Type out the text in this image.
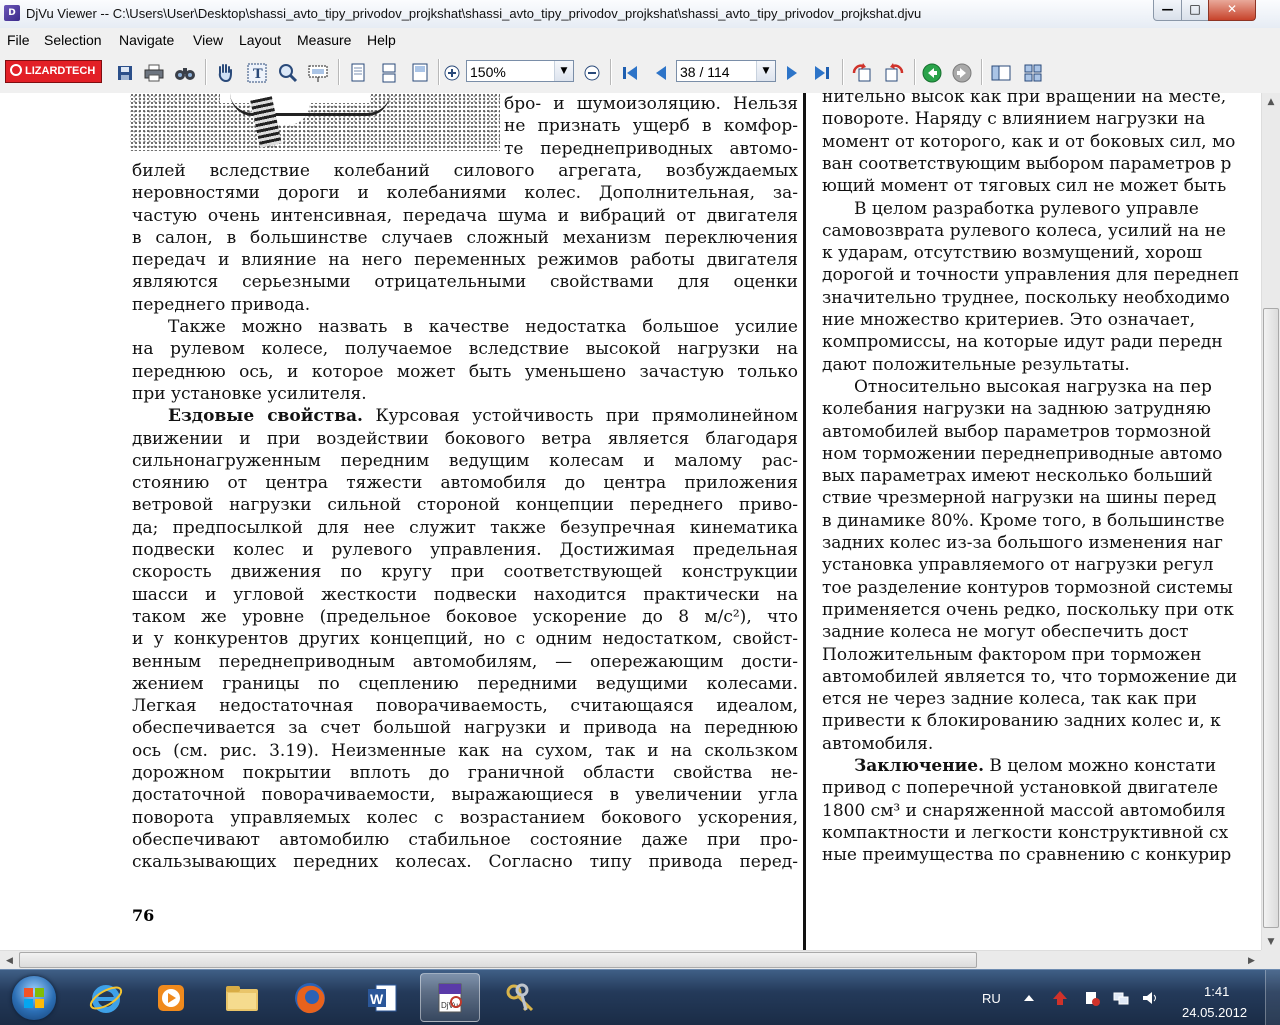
D DjVu Viewer -- C:\Users\User\Desktop\shassi_avto_tipy_privodov_projkshat\shassi_avto_tipy_privodov_projkshat\shassi_avto_tipy_privodov_projkshat.djvu	—	□	✕
File Selection Navigate View Layout Measure Help
LIZARDTECH	T	150%	▼	38 / 114	▼
76
бро- и шумоизоляцию. Нельзя
не признать ущерб в комфор-
те переднеприводных автомо-
билей вследствие колебаний силового агрегата, возбуждаемых
неровностями дороги и колебаниями колес. Дополнительная, за-
частую очень интенсивная, передача шума и вибраций от двигателя
в салон, в большинстве случаев сложный механизм переключения
передач и влияние на него переменных режимов работы двигателя
являются серьезными отрицательными свойствами для оценки
переднего привода.
Также можно назвать в качестве недостатка большое усилие
на рулевом колесе, получаемое вследствие высокой нагрузки на
переднюю ось, и которое может быть уменьшено зачастую только
при установке усилителя.
Ездовые свойства. Курсовая устойчивость при прямолинейном
движении и при воздействии бокового ветра является благодаря
сильнонагруженным передним ведущим колесам и малому рас-
стоянию от центра тяжести автомобиля до центра приложения
ветровой нагрузки сильной стороной концепции переднего приво-
да; предпосылкой для нее служит также безупречная кинематика
подвески колес и рулевого управления. Достижимая предельная
скорость движения по кругу при соответствующей конструкции
шасси и угловой жесткости подвески находится практически на
таком же уровне (предельное боковое ускорение до 8 м/с²), что
и у конкурентов других концепций, но с одним недостатком, свойст-
венным переднеприводным автомобилям, — опережающим дости-
жением границы по сцеплению передними ведущими колесами.
Легкая недостаточная поворачиваемость, считающаяся идеалом,
обеспечивается за счет большой нагрузки и привода на переднюю
ось (см. рис. 3.19). Неизменные как на сухом, так и на скользком
дорожном покрытии вплоть до граничной области свойства не-
достаточной поворачиваемости, выражающиеся в увеличении угла
поворота управляемых колес с возрастанием бокового ускорения,
обеспечивают автомобилю стабильное состояние даже при про-
скальзывающих передних колесах. Согласно типу привода перед-
нительно высок как при вращении на месте,
повороте. Наряду с влиянием нагрузки на
момент от которого, как и от боковых сил, мо
ван соответствующим выбором параметров р
ющий момент от тяговых сил не может быть
В целом разработка рулевого управле
самовозврата рулевого колеса, усилий на не
к ударам, отсутствию возмущений, хорош
дорогой и точности управления для переднеп
значительно труднее, поскольку необходимо
ние множество критериев. Это означает,
компромиссы, на которые идут ради передн
дают положительные результаты.
Относительно высокая нагрузка на пер
колебания нагрузки на заднюю затрудняю
автомобилей выбор параметров тормозной
ном торможении переднеприводные автомо
вых параметрах имеют несколько больший
ствие чрезмерной нагрузки на шины перед
в динамике 80%. Кроме того, в большинстве
задних колес из-за большого изменения наг
установка управляемого от нагрузки регул
тое разделение контуров тормозной системы
применяется очень редко, поскольку при отк
задние колеса не могут обеспечить дост
Положительным фактором при торможен
автомобилей является то, что торможение ди
ется не через задние колеса, так как при
привести к блокированию задних колес и, к
автомобиля.
Заключение. В целом можно констати
привод с поперечной установкой двигателе
1800 см³ и снаряженной массой автомобиля
компактности и легкости конструктивной сх
ные преимущества по сравнению с конкурир
▲
▼
◀	▶
W	DjVu	RU	1:41
24.05.2012
